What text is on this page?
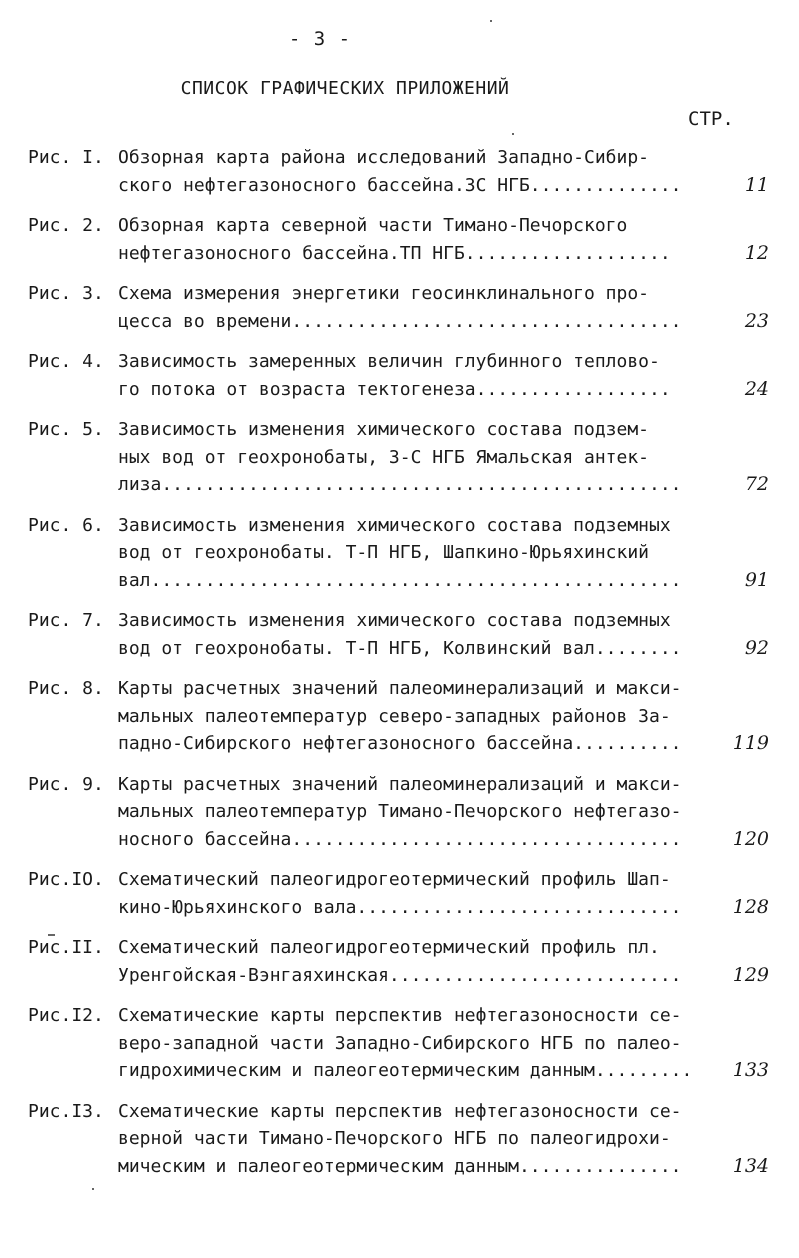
- 3 -
СПИСОК ГРАФИЧЕСКИХ ПРИЛОЖЕНИЙ
СТР.
Рис. I. Обзорная карта района исследований Западно-Сибир-
ского нефтегазоносного бассейна.ЗС НГБ..............	11
Рис. 2. Обзорная карта северной части Тимано-Печорского
нефтегазоносного бассейна.ТП НГБ...................	12
Рис. 3. Схема измерения энергетики геосинклинального про-
цесса во времени....................................	23
Рис. 4. Зависимость замеренных величин глубинного теплово-
го потока от возраста тектогенеза..................	24
Рис. 5. Зависимость изменения химического состава подзем-
ных вод от геохронобаты, З-С НГБ Ямальская антек-
лиза................................................	72
Рис. 6. Зависимость изменения химического состава подземных
вод от геохронобаты. Т-П НГБ, Шапкино-Юрьяхинский
вал.................................................	91
Рис. 7. Зависимость изменения химического состава подземных
вод от геохронобаты. Т-П НГБ, Колвинский вал........	92
Рис. 8. Карты расчетных значений палеоминерализаций и макси-
мальных палеотемператур северо-западных районов За-
падно-Сибирского нефтегазоносного бассейна..........	119
Рис. 9. Карты расчетных значений палеоминерализаций и макси-
мальных палеотемператур Тимано-Печорского нефтегазо-
носного бассейна....................................	120
Рис.IO. Схематический палеогидрогеотермический профиль Шап-
кино-Юрьяхинского вала..............................	128
Рис.II. Схематический палеогидрогеотермический профиль пл.
Уренгойская-Вэнгаяхинская...........................	129
Рис.I2. Схематические карты перспектив нефтегазоносности се-
веро-западной части Западно-Сибирского НГБ по палео-
гидрохимическим и палеогеотермическим данным.........	133
Рис.I3. Схематические карты перспектив нефтегазоносности се-
верной части Тимано-Печорского НГБ по палеогидрохи-
мическим и палеогеотермическим данным...............	134
